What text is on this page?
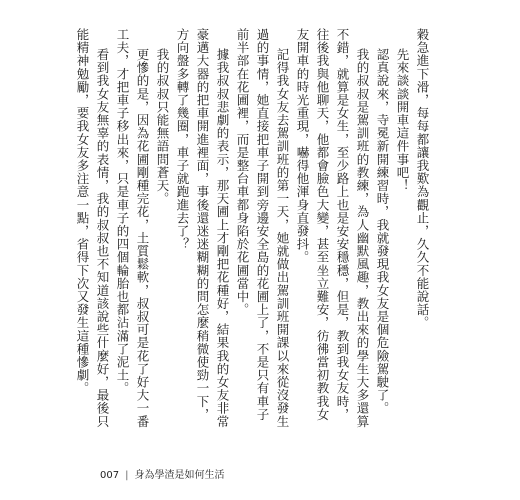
穀急進下滑，每每都讓我歎為觀止，久久不能說話。

先來談談開車這件事吧！

認真說來，寺冕新開練習時，我就發現我女友是個危險駕駛了。

我的叔叔是駕訓班的教練，為人幽默風趣，教出來的學生大多還算不錯，就算是女生，至少路上也是安安穩穩，但是，教到我女友時，往後我與他聊天，他都會臉色大變，甚至坐立難安，彷彿當初教我女友開車的時光重現，嚇得他渾身直發抖。

記得我女友去駕訓班的第一天，她就做出駕訓班開課以來從沒發生過的事情，她直接把車子開到旁邊安全島的花圃上了，不是只有車子前半部在花圃裡，而是整台車都身陷於花圃當中。

據我叔叔悲劇的表示，那天圃上才剛把花種好，結果我的女友非常豪邁大器的把車開進裡面，事後還迷迷糊糊的問怎麼稍微使勁一下，方向盤多轉了幾圈，車子就跑進去了？

我的叔叔只能無語問蒼天。

更慘的是，因為花圃剛種完花，土質鬆軟，叔叔可是花了好大一番工夫，才把車子移出來，只是車子的四個輪胎也都沾滿了泥土。

看到我女友無辜的表情，我的叔叔也不知道該說些什麼好，最後只能精神勉勵，要我女友多注意一點，省得下次又發生這種慘劇。

007 | 身為學渣是如何生活
